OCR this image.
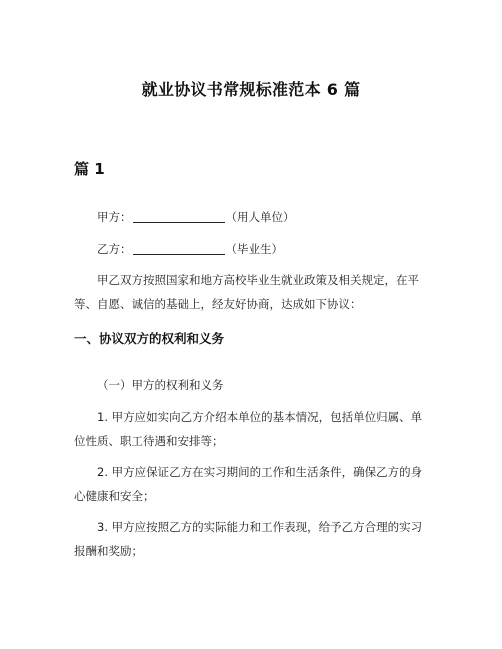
就业协议书常规标准范本 6 篇
篇 1
甲方：	（用人单位）
乙方：	（毕业生）
甲乙双方按照国家和地方高校毕业生就业政策及相关规定，在平等、自愿、诚信的基础上，经友好协商，达成如下协议：
一、协议双方的权利和义务
（一）甲方的权利和义务
1. 甲方应如实向乙方介绍本单位的基本情况，包括单位归属、单位性质、职工待遇和安排等；
2. 甲方应保证乙方在实习期间的工作和生活条件，确保乙方的身心健康和安全；
3. 甲方应按照乙方的实际能力和工作表现，给予乙方合理的实习报酬和奖励；
